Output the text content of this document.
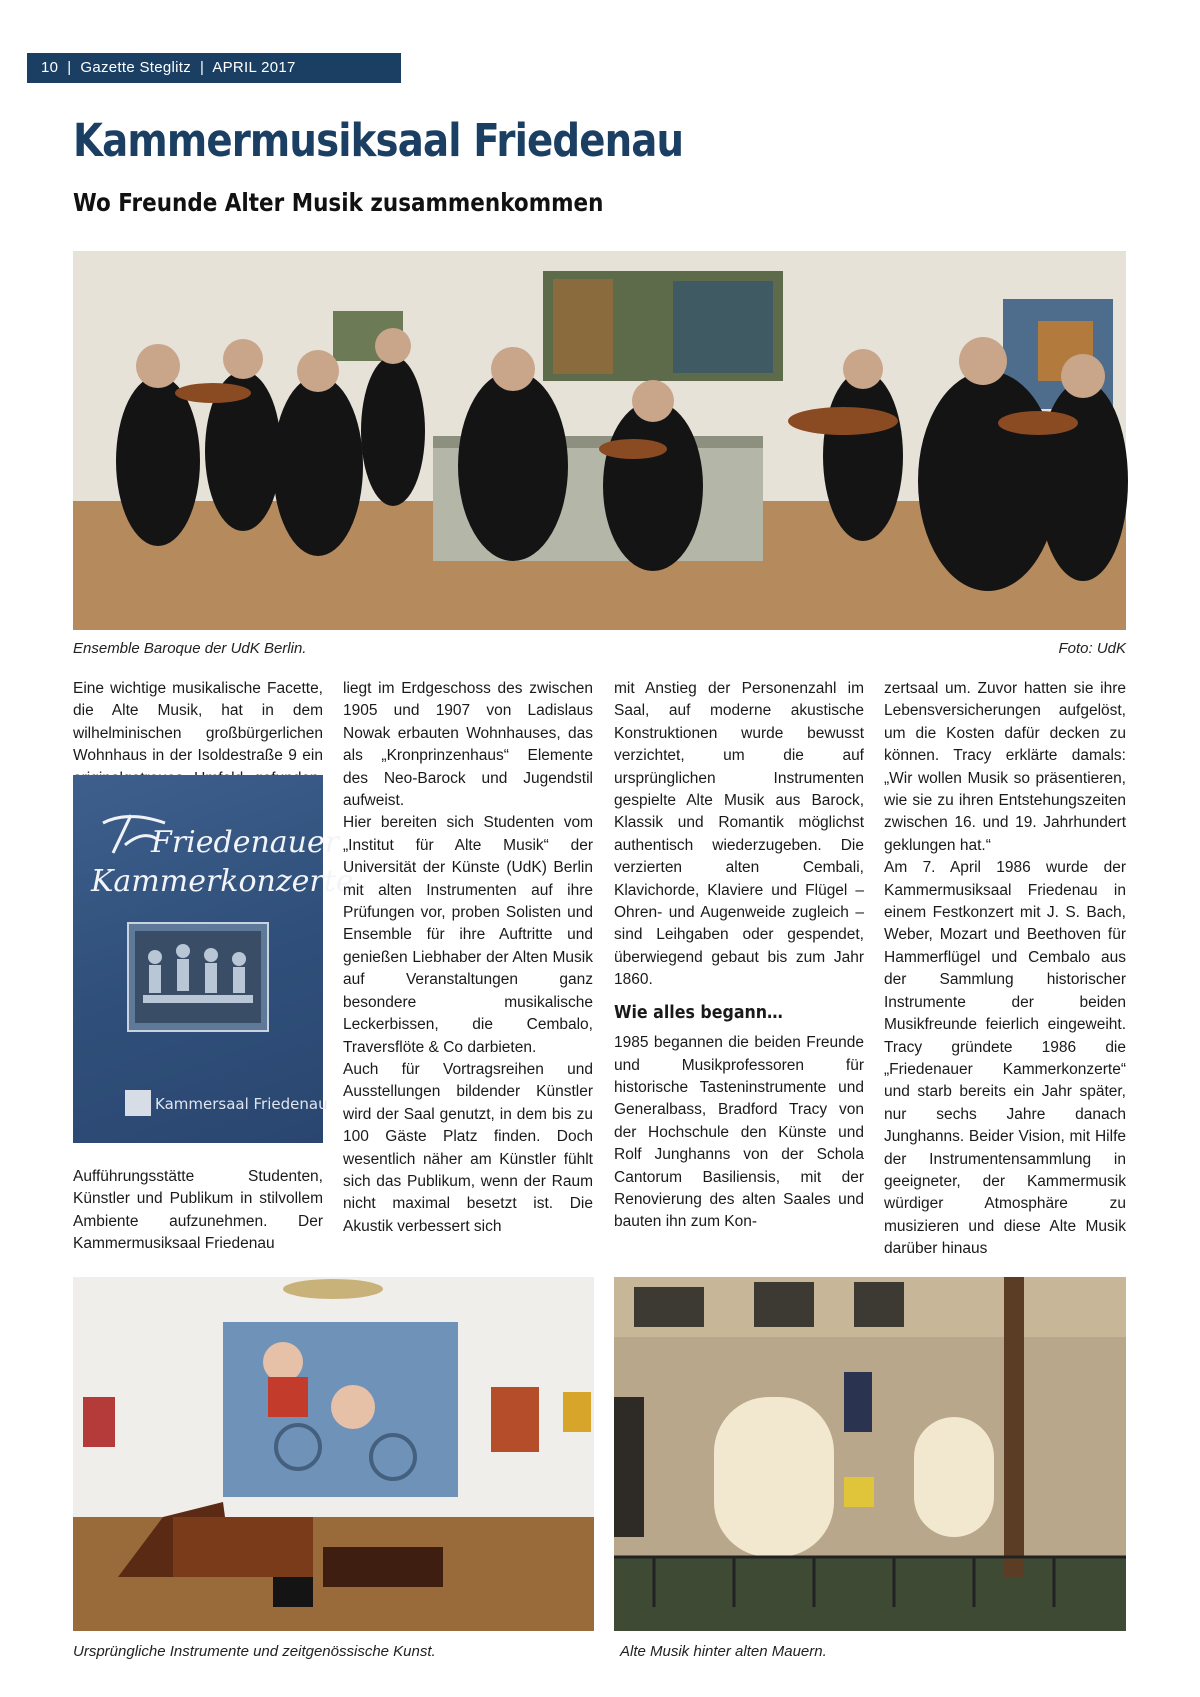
10 | Gazette Steglitz | APRIL 2017
Kammermusiksaal Friedenau
Wo Freunde Alter Musik zusammenkommen
Ensemble Baroque der UdK Berlin.	Foto: UdK

Eine wichtige musikalische Facette, die Alte Musik, hat in dem wilhelminischen großbürgerlichen Wohnhaus in der Isoldestraße 9 ein

Friedenauer
Kammerkonzerte
Kammersaal Friedenau

Aufführungsstätte Studenten, Künstler und Publikum in stilvollem Ambiente aufzunehmen. Der Kammermusiksaal Friedenau

liegt im Erdgeschoss des zwischen 1905 und 1907 von Ladislaus Nowak erbauten Wohnhauses, das als „Kronprinzenhaus“ Elemente des Neo-Barock und Jugendstil aufweist.

Hier bereiten sich Studenten vom „Institut für Alte Musik“ der Universität der Künste (UdK) Berlin mit alten Instrumenten auf ihre Prüfungen vor, proben Solisten und Ensemble für ihre Auftritte und genießen Liebhaber der Alten Musik auf Veranstaltungen ganz besondere musikalische Leckerbissen, die Cembalo, Traversflöte & Co darbieten.

Auch für Vortragsreihen und Ausstellungen bildender Künstler wird der Saal genutzt, in dem bis zu 100 Gäste Platz finden. Doch wesentlich näher am Künstler fühlt sich das Publikum, wenn der Raum nicht maximal besetzt ist. Die Akustik verbessert sich

mit Anstieg der Personenzahl im Saal, auf moderne akustische Konstruktionen wurde bewusst verzichtet, um die auf ursprünglichen Instrumenten gespielte Alte Musik aus Barock, Klassik und Romantik möglichst authentisch wiederzugeben. Die verzierten alten Cembali, Klavichorde, Klaviere und Flügel – Ohren- und Augenweide zugleich – sind Leihgaben oder gespendet, überwiegend gebaut bis zum Jahr 1860.

Wie alles begann…

1985 begannen die beiden Freunde und Musikprofessoren für historische Tasteninstrumente und Generalbass, Bradford Tracy von der Hochschule den Künste und Rolf Junghanns von der Schola Cantorum Basiliensis, mit der Renovierung des alten Saales und bauten ihn zum Kon-

zertsaal um. Zuvor hatten sie ihre Lebensversicherungen aufgelöst, um die Kosten dafür decken zu können. Tracy erklärte damals: „Wir wollen Musik so präsentieren, wie sie zu ihren Entstehungszeiten zwischen 16. und 19. Jahrhundert geklungen hat.“

Am 7. April 1986 wurde der Kammermusiksaal Friedenau in einem Festkonzert mit J. S. Bach, Weber, Mozart und Beethoven für Hammerflügel und Cembalo aus der Sammlung historischer Instrumente der beiden Musikfreunde feierlich eingeweiht. Tracy gründete 1986 die „Friedenauer Kammerkonzerte“ und starb bereits ein Jahr später, nur sechs Jahre danach Junghanns. Beider Vision, mit Hilfe der Instrumentensammlung in geeigneter, der Kammermusik würdiger Atmosphäre zu musizieren und diese Alte Musik darüber hinaus

Ursprüngliche Instrumente und zeitgenössische Kunst.	Alte Musik hinter alten Mauern.
